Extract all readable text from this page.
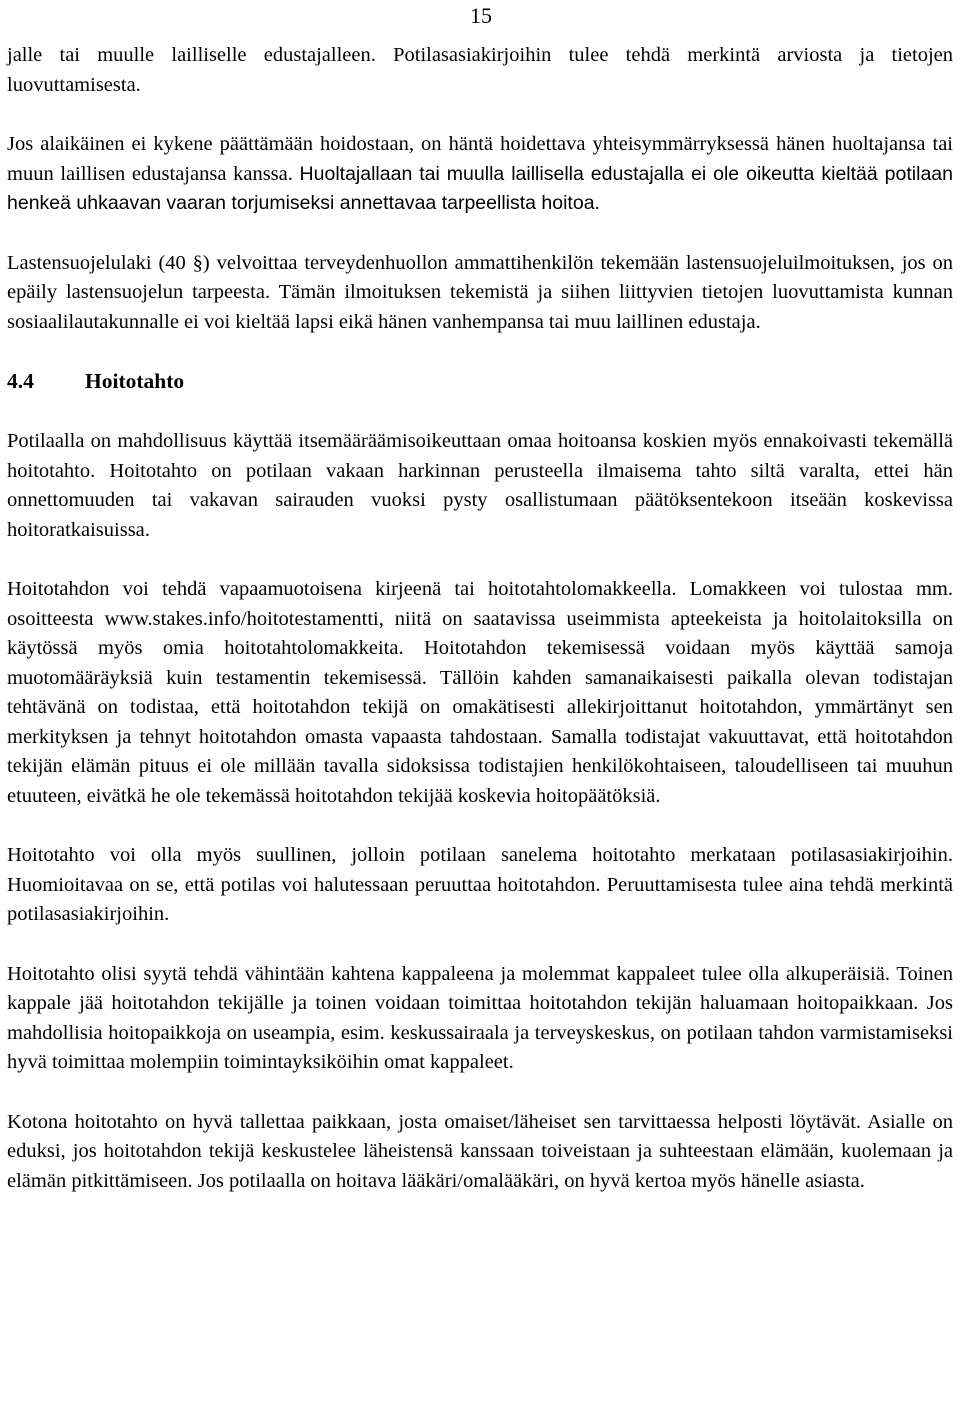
15

jalle tai muulle lailliselle edustajalleen. Potilasasiakirjoihin tulee tehdä merkintä arviosta ja tietojen luovuttamisesta.

Jos alaikäinen ei kykene päättämään hoidostaan, on häntä hoidettava yhteisymmärryksessä hänen huoltajansa tai muun laillisen edustajansa kanssa. Huoltajallaan tai muulla laillisella edustajalla ei ole oikeutta kieltää potilaan henkeä uhkaavan vaaran torjumiseksi annettavaa tarpeellista hoitoa.

Lastensuojelulaki (40 §) velvoittaa terveydenhuollon ammattihenkilön tekemään lastensuojeluilmoituksen, jos on epäily lastensuojelun tarpeesta. Tämän ilmoituksen tekemistä ja siihen liittyvien tietojen luovuttamista kunnan sosiaalilautakunnalle ei voi kieltää lapsi eikä hänen vanhempansa tai muu laillinen edustaja.

4.4	Hoitotahto

Potilaalla on mahdollisuus käyttää itsemääräämisoikeuttaan omaa hoitoansa koskien myös ennakoivasti tekemällä hoitotahto. Hoitotahto on potilaan vakaan harkinnan perusteella ilmaisema tahto siltä varalta, ettei hän onnettomuuden tai vakavan sairauden vuoksi pysty osallistumaan päätöksentekoon itseään koskevissa hoitoratkaisuissa.

Hoitotahdon voi tehdä vapaamuotoisena kirjeenä tai hoitotahtolomakkeella. Lomakkeen voi tulostaa mm. osoitteesta www.stakes.info/hoitotestamentti, niitä on saatavissa useimmista apteekeista ja hoitolaitoksilla on käytössä myös omia hoitotahtolomakkeita. Hoitotahdon tekemisessä voidaan myös käyttää samoja muotomääräyksiä kuin testamentin tekemisessä. Tällöin kahden samanaikaisesti paikalla olevan todistajan tehtävänä on todistaa, että hoitotahdon tekijä on omakätisesti allekirjoittanut hoitotahdon, ymmärtänyt sen merkityksen ja tehnyt hoitotahdon omasta vapaasta tahdostaan. Samalla todistajat vakuuttavat, että hoitotahdon tekijän elämän pituus ei ole millään tavalla sidoksissa todistajien henkilökohtaiseen, taloudelliseen tai muuhun etuuteen, eivätkä he ole tekemässä hoitotahdon tekijää koskevia hoitopäätöksiä.

Hoitotahto voi olla myös suullinen, jolloin potilaan sanelema hoitotahto merkataan potilasasiakirjoihin. Huomioitavaa on se, että potilas voi halutessaan peruuttaa hoitotahdon. Peruuttamisesta tulee aina tehdä merkintä potilasasiakirjoihin.

Hoitotahto olisi syytä tehdä vähintään kahtena kappaleena ja molemmat kappaleet tulee olla alkuperäisiä. Toinen kappale jää hoitotahdon tekijälle ja toinen voidaan toimittaa hoitotahdon tekijän haluamaan hoitopaikkaan. Jos mahdollisia hoitopaikkoja on useampia, esim. keskussairaala ja terveyskeskus, on potilaan tahdon varmistamiseksi hyvä toimittaa molempiin toimintayksiköihin omat kappaleet.

Kotona hoitotahto on hyvä tallettaa paikkaan, josta omaiset/läheiset sen tarvittaessa helposti löytävät. Asialle on eduksi, jos hoitotahdon tekijä keskustelee läheistensä kanssaan toiveistaan ja suhteestaan elämään, kuolemaan ja elämän pitkittämiseen. Jos potilaalla on hoitava lääkäri/omalääkäri, on hyvä kertoa myös hänelle asiasta.
